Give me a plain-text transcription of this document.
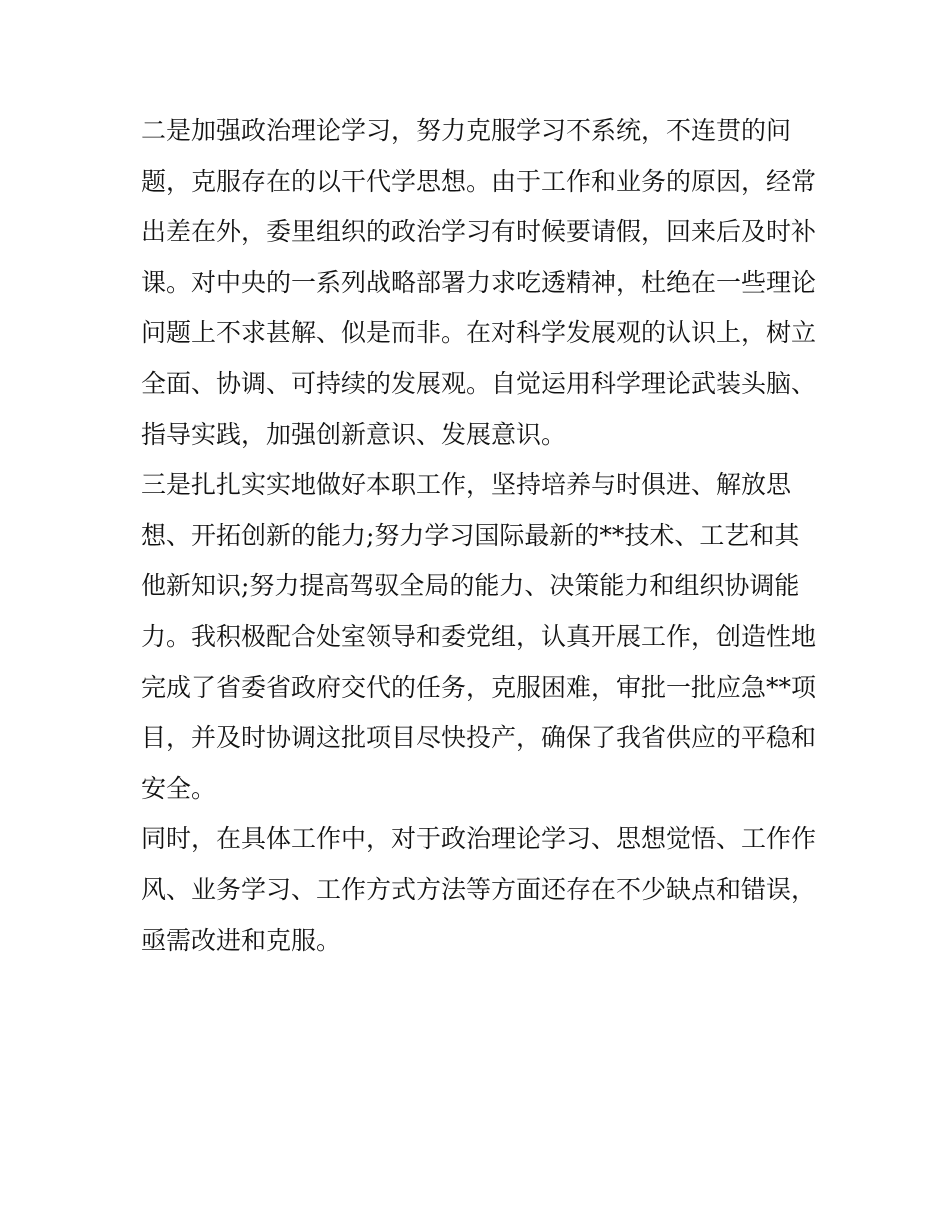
二是加强政治理论学习，努力克服学习不系统，不连贯的问
题，克服存在的以干代学思想。由于工作和业务的原因，经常
出差在外，委里组织的政治学习有时候要请假，回来后及时补
课。对中央的一系列战略部署力求吃透精神，杜绝在一些理论
问题上不求甚解、似是而非。在对科学发展观的认识上，树立
全面、协调、可持续的发展观。自觉运用科学理论武装头脑、
指导实践，加强创新意识、发展意识。
三是扎扎实实地做好本职工作，坚持培养与时俱进、解放思
想、开拓创新的能力;努力学习国际最新的**技术、工艺和其
他新知识;努力提高驾驭全局的能力、决策能力和组织协调能
力。我积极配合处室领导和委党组，认真开展工作，创造性地
完成了省委省政府交代的任务，克服困难，审批一批应急**项
目，并及时协调这批项目尽快投产，确保了我省供应的平稳和
安全。
同时，在具体工作中，对于政治理论学习、思想觉悟、工作作
风、业务学习、工作方式方法等方面还存在不少缺点和错误，
亟需改进和克服。
